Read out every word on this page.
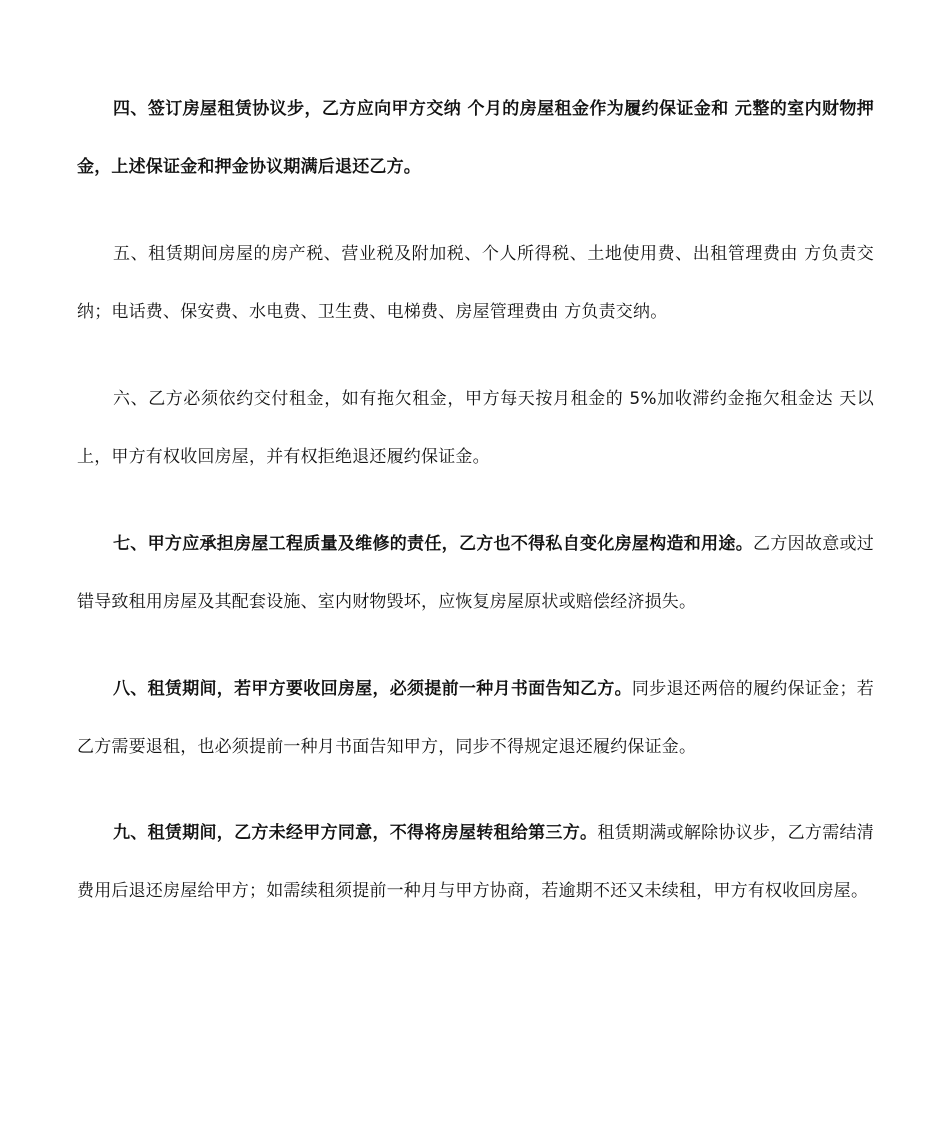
四、签订房屋租赁协议步，乙方应向甲方交纳 个月的房屋租金作为履约保证金和 元整的室内财物押金，上述保证金和押金协议期满后退还乙方。

五、租赁期间房屋的房产税、营业税及附加税、个人所得税、土地使用费、出租管理费由 方负责交纳；电话费、保安费、水电费、卫生费、电梯费、房屋管理费由 方负责交纳。

六、乙方必须依约交付租金，如有拖欠租金，甲方每天按月租金的 5%加收滞约金拖欠租金达 天以上，甲方有权收回房屋，并有权拒绝退还履约保证金。

七、甲方应承担房屋工程质量及维修的责任，乙方也不得私自变化房屋构造和用途。乙方因故意或过错导致租用房屋及其配套设施、室内财物毁坏，应恢复房屋原状或赔偿经济损失。

八、租赁期间，若甲方要收回房屋，必须提前一种月书面告知乙方。同步退还两倍的履约保证金；若乙方需要退租，也必须提前一种月书面告知甲方，同步不得规定退还履约保证金。

九、租赁期间，乙方未经甲方同意，不得将房屋转租给第三方。租赁期满或解除协议步，乙方需结清费用后退还房屋给甲方；如需续租须提前一种月与甲方协商，若逾期不还又未续租，甲方有权收回房屋。
